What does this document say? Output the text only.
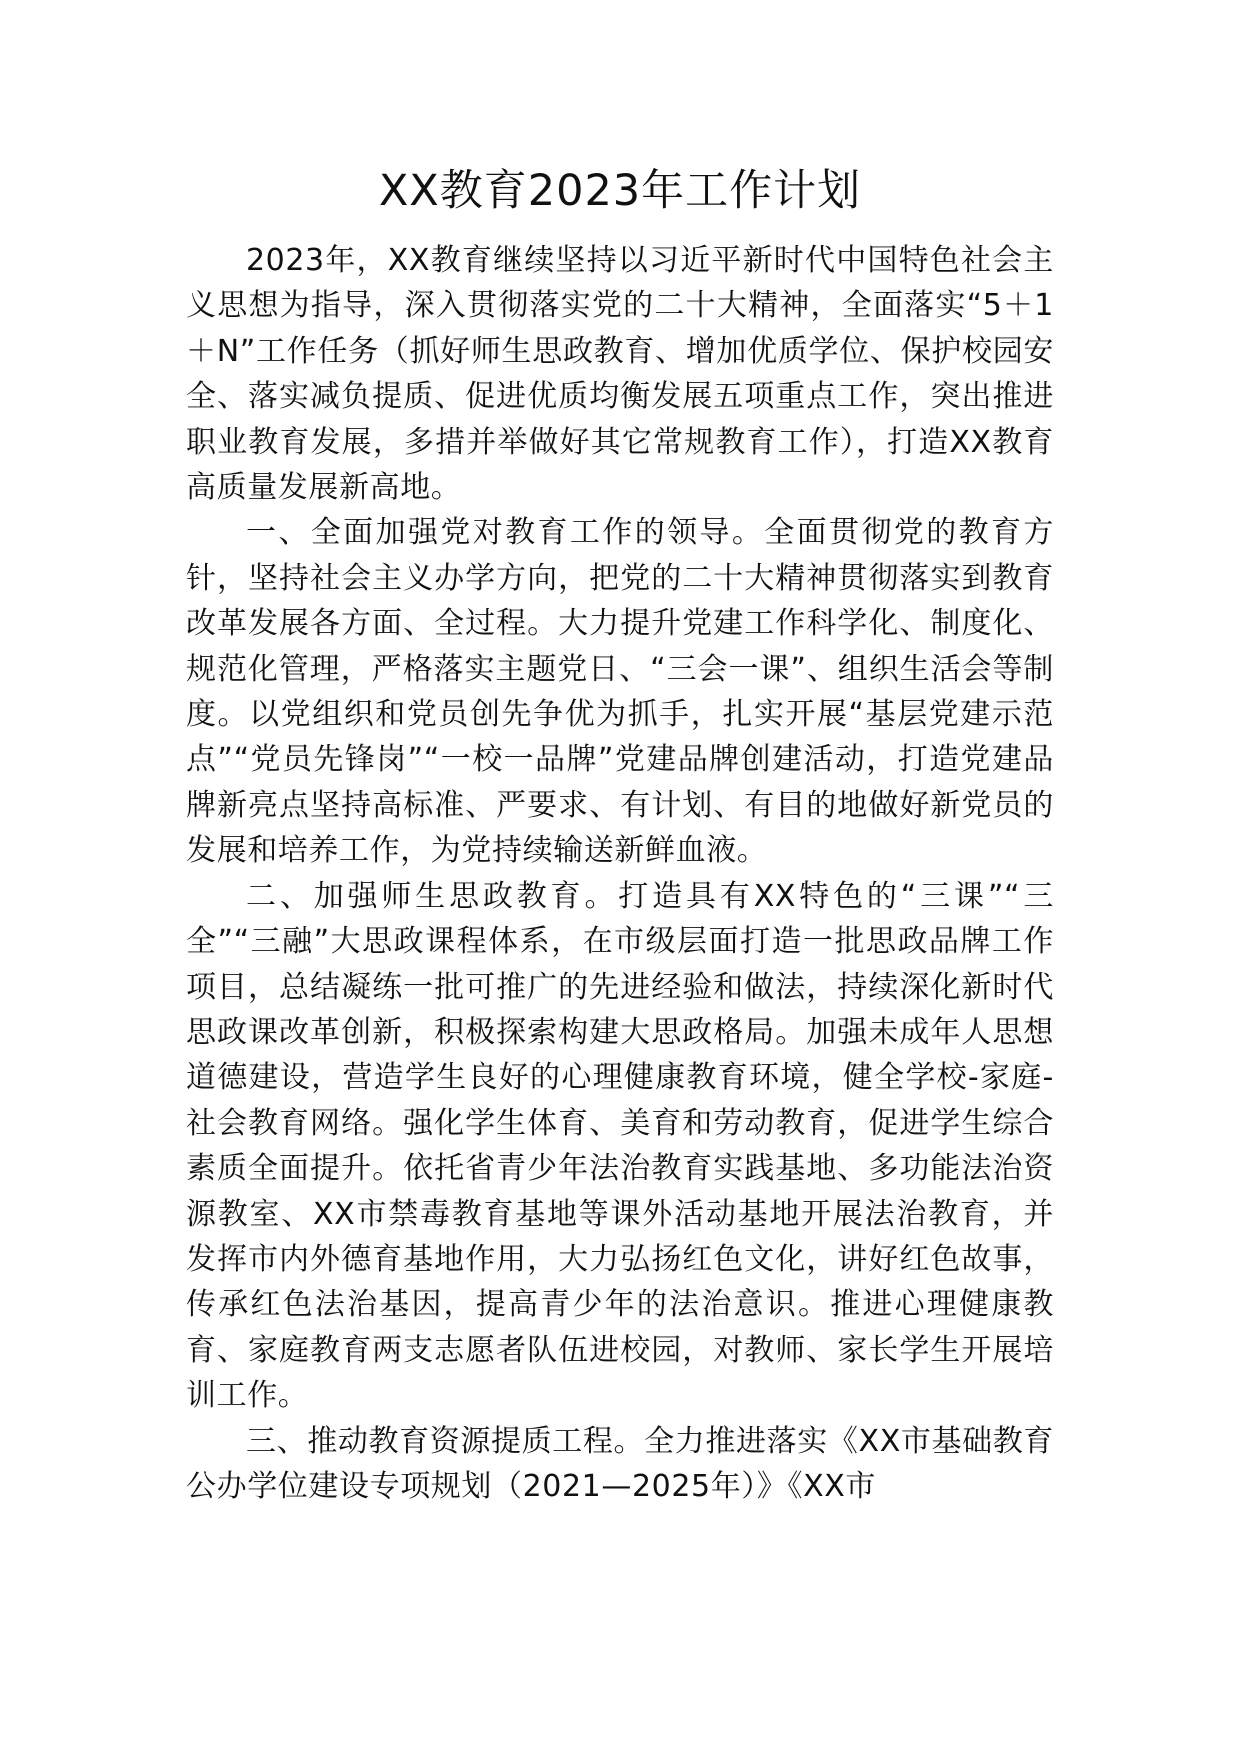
XX教育2023年工作计划

2023年，XX教育继续坚持以习近平新时代中国特色社会主义思想为指导，深入贯彻落实党的二十大精神，全面落实“5＋1＋N”工作任务（抓好师生思政教育、增加优质学位、保护校园安全、落实减负提质、促进优质均衡发展五项重点工作，突出推进职业教育发展，多措并举做好其它常规教育工作），打造XX教育高质量发展新高地。

一、全面加强党对教育工作的领导。全面贯彻党的教育方针，坚持社会主义办学方向，把党的二十大精神贯彻落实到教育改革发展各方面、全过程。大力提升党建工作科学化、制度化、规范化管理，严格落实主题党日、“三会一课”、组织生活会等制度。以党组织和党员创先争优为抓手，扎实开展“基层党建示范点”“党员先锋岗”“一校一品牌”党建品牌创建活动，打造党建品牌新亮点坚持高标准、严要求、有计划、有目的地做好新党员的发展和培养工作，为党持续输送新鲜血液。

二、加强师生思政教育。打造具有XX特色的“三课”“三全”“三融”大思政课程体系，在市级层面打造一批思政品牌工作项目，总结凝练一批可推广的先进经验和做法，持续深化新时代思政课改革创新，积极探索构建大思政格局。加强未成年人思想道德建设，营造学生良好的心理健康教育环境，健全学校-家庭-社会教育网络。强化学生体育、美育和劳动教育，促进学生综合素质全面提升。依托省青少年法治教育实践基地、多功能法治资源教室、XX市禁毒教育基地等课外活动基地开展法治教育，并发挥市内外德育基地作用，大力弘扬红色文化，讲好红色故事，传承红色法治基因，提高青少年的法治意识。推进心理健康教育、家庭教育两支志愿者队伍进校园，对教师、家长学生开展培训工作。

三、推动教育资源提质工程。全力推进落实《XX市基础教育公办学位建设专项规划（2021—2025年）》《XX市
